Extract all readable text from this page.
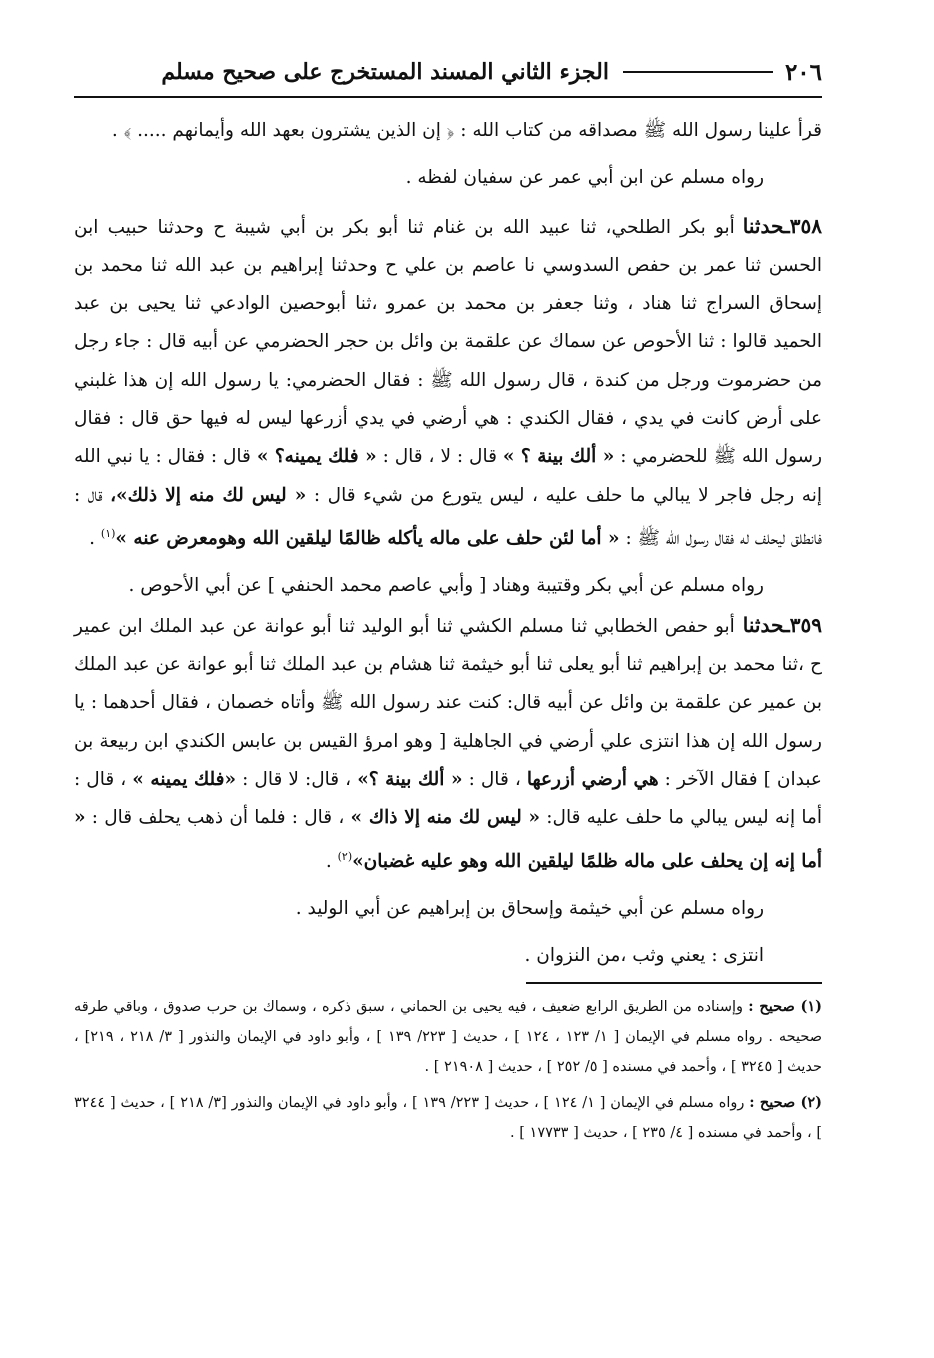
٢٠٦
الجزء الثاني المسند المستخرج على صحيح مسلم

قرأ علينا رسول الله ﷺ مصداقه من كتاب الله : ﴿ إن الذين يشترون بعهد الله وأيمانهم ..... ﴾ .

رواه مسلم عن ابن أبي عمر عن سفيان لفظه .

٣٥٨ـحدثناأبو بكر الطلحي، ثنا عبيد الله بن غنام ثنا أبو بكر بن أبي شيبة ح وحدثنا حبيب ابن الحسن ثنا عمر بن حفص السدوسي نا عاصم بن علي ح وحدثنا إبراهيم بن عبد الله ثنا محمد بن إسحاق السراج ثنا هناد ، وثنا جعفر بن محمد بن عمرو ،ثنا أبوحصين الوادعي ثنا يحيى بن عبد الحميد قالوا : ثنا الأحوص عن سماك عن علقمة بن وائل بن حجر الحضرمي عن أبيه قال : جاء رجل من حضرموت ورجل من كندة ، قال رسول الله ﷺ : فقال الحضرمي: يا رسول الله إن هذا غلبني على أرض كانت في يدي ، فقال الكندي : هي أرضي في يدي أزرعها ليس له فيها حق قال : فقال رسول الله ﷺ للحضرمي : « ألك بينة ؟ » قال : لا ، قال : « فلك يمينه؟ » قال : فقال : يا نبي الله إنه رجل فاجر لا يبالي ما حلف عليه ، ليس يتورع من شيء قال : « ليس لك منه إلا ذلك»، قال : فانطلق ليحلف له فقال رسول الله ﷺ : « أما لئن حلف على ماله يأكله ظالمًا ليلقين الله وهومعرض عنه »$^{(١)}$ .

رواه مسلم عن أبي بكر وقتيبة وهناد [ وأبي عاصم محمد الحنفي ] عن أبي الأحوص .

٣٥٩ـحدثناأبو حفص الخطابي ثنا مسلم الكشي ثنا أبو الوليد ثنا أبو عوانة عن عبد الملك ابن عمير ح ،ثنا محمد بن إبراهيم ثنا أبو يعلى ثنا أبو خيثمة ثنا هشام بن عبد الملك ثنا أبو عوانة عن عبد الملك بن عمير عن علقمة بن وائل عن أبيه قال: كنت عند رسول الله ﷺ وأتاه خصمان ، فقال أحدهما : يا رسول الله إن هذا انتزى علي أرضي في الجاهلية [ وهو امرؤ القيس بن عابس الكندي ابن ربيعة بن عبدان ] فقال الآخر : هي أرضي أزرعها ، قال : « ألك بينة ؟» ، قال: لا قال : «فلك يمينه » ، قال : أما إنه ليس يبالي ما حلف عليه قال: « ليس لك منه إلا ذاك » ، قال : فلما أن ذهب يحلف قال : « أما إنه إن يحلف على ماله ظلمًا ليلقين الله وهو عليه غضبان»$^{(٢)}$ .

رواه مسلم عن أبي خيثمة وإسحاق بن إبراهيم عن أبي الوليد .

انتزى : يعني وثب ،من النزوان .

(١) صحيح : وإسناده من الطريق الرابع ضعيف ، فيه يحيى بن الحماني ، سبق ذكره ، وسماك بن حرب صدوق ، وباقي طرقه صحيحه . رواه مسلم في الإيمان [ ١/ ١٢٣ ، ١٢٤ ] ، حديث [ ٢٢٣/ ١٣٩ ] ، وأبو داود في الإيمان والنذور [ ٣/ ٢١٨ ، ٢١٩] ، حديث [ ٣٢٤٥ ] ، وأحمد في مسنده [ ٥/ ٢٥٢ ] ، حديث [ ٢١٩٠٨ ] .

(٢) صحيح : رواه مسلم في الإيمان [ ١/ ١٢٤ ] ، حديث [ ٢٢٣/ ١٣٩ ] ، وأبو داود في الإيمان والنذور [٣/ ٢١٨ ] ، حديث [ ٣٢٤٤ ] ، وأحمد في مسنده [ ٤/ ٢٣٥ ] ، حديث [ ١٧٧٣٣ ] .
